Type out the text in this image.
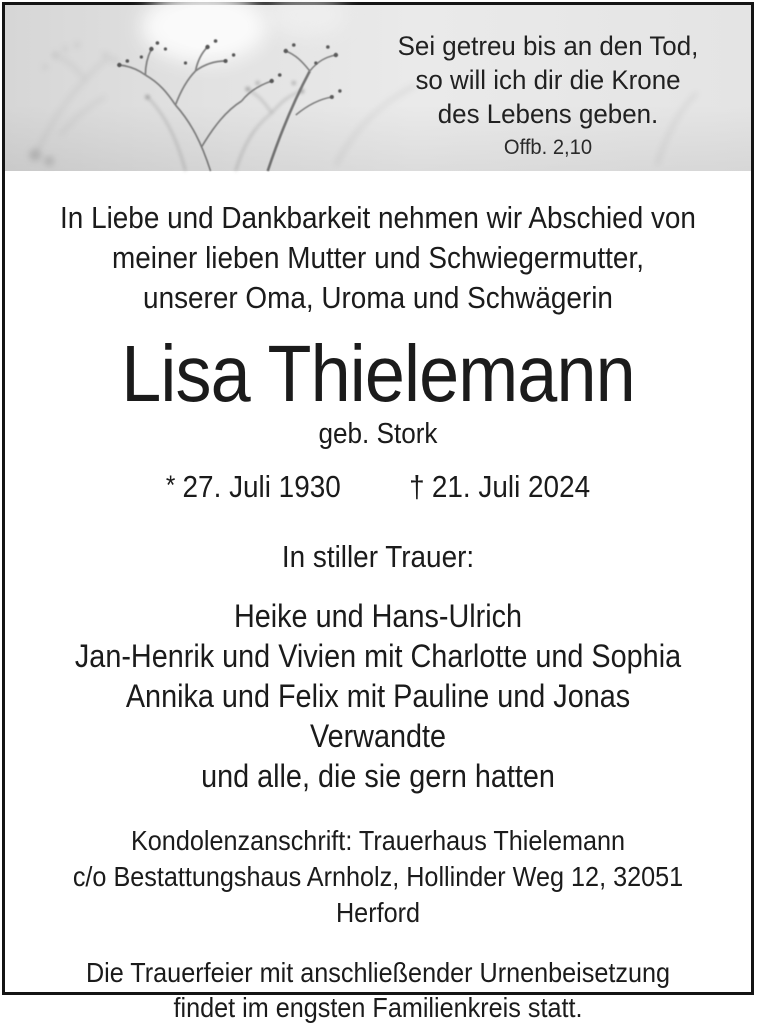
Sei getreu bis an den Tod,
so will ich dir die Krone
des Lebens geben.
Offb. 2,10
In Liebe und Dankbarkeit nehmen wir Abschied von
meiner lieben Mutter und Schwiegermutter,
unserer Oma, Uroma und Schwägerin
Lisa Thielemann
geb. Stork
* 27. Juli 1930 † 21. Juli 2024
In stiller Trauer:
Heike und Hans-Ulrich
Jan-Henrik und Vivien mit Charlotte und Sophia
Annika und Felix mit Pauline und Jonas
Verwandte
und alle, die sie gern hatten
Kondolenzanschrift: Trauerhaus Thielemann
c/o Bestattungshaus Arnholz, Hollinder Weg 12, 32051 Herford
Die Trauerfeier mit anschließender Urnenbeisetzung
findet im engsten Familienkreis statt.
